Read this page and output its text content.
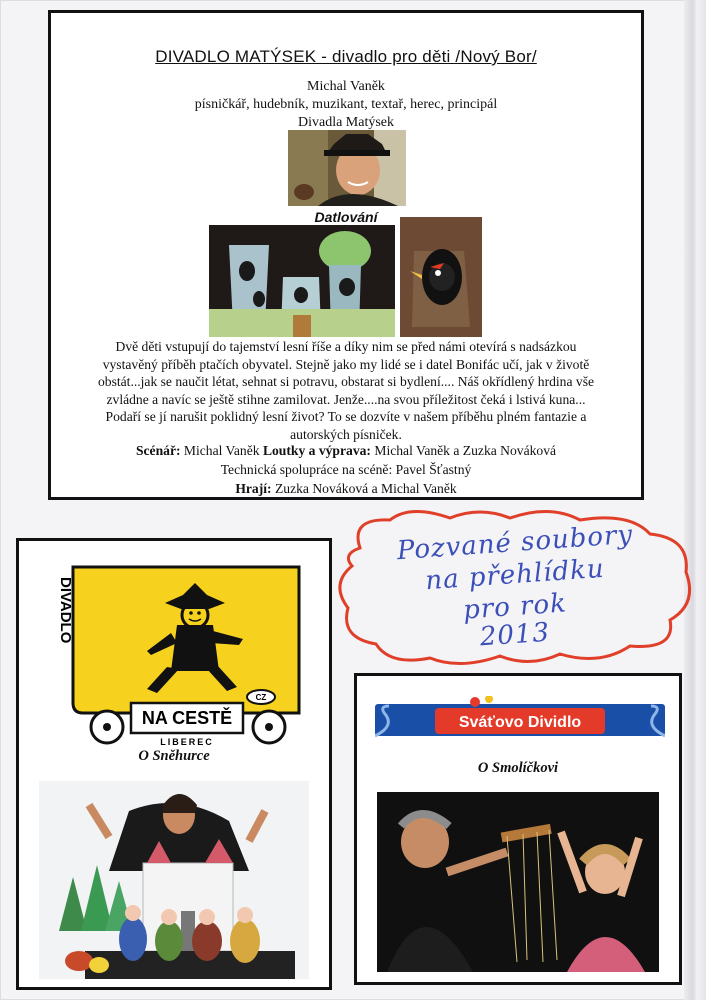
DIVADLO MATÝSEK - divadlo pro děti /Nový Bor/
Michal Vaněk
písničkář, hudebník, muzikant, textař, herec, principál
Divadla Matýsek
Datlování

Dvě děti vstupují do tajemství lesní říše a díky nim se před námi otevírá s nadsázkou vystavěný příběh ptačích obyvatel. Stejně jako my lidé se i datel Bonifác učí, jak v životě obstát...jak se naučit létat, sehnat si potravu, obstarat si bydlení.... Náš okřídlený hrdina vše zvládne a navíc se ještě stihne zamilovat. Jenže....na svou příležitost čeká i lstivá kuna... Podaří se jí narušit poklidný lesní život? To se dozvíte v našem příběhu plném fantazie a autorských písniček.

Scénář: Michal Vaněk Loutky a výprava: Michal Vaněk a Zuzka Nováková
Technická spolupráce na scéně: Pavel Šťastný
Hrají: Zuzka Nováková a Michal Vaněk
CZ
DIVADLO
NA CESTĚ
LIBEREC
O Sněhurce
Pozvané soubory
na přehlídku
pro rok
2013
Sváťovo Dividlo
O Smolíčkovi
